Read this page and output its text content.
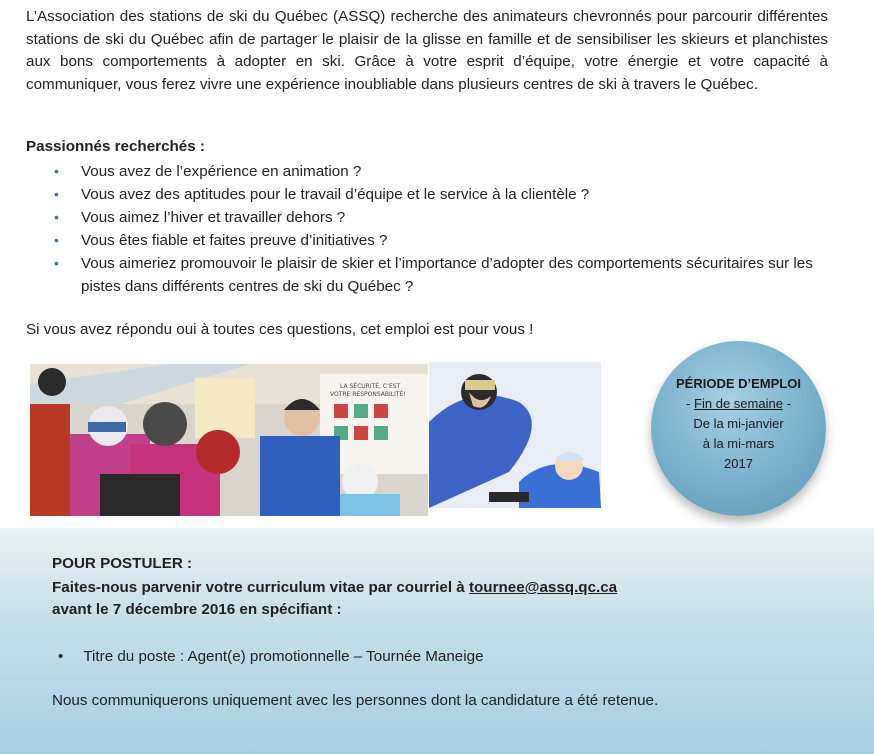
L’Association des stations de ski du Québec (ASSQ) recherche des animateurs chevronnés pour parcourir différentes stations de ski du Québec afin de partager le plaisir de la glisse en famille et de sensibiliser les skieurs et planchistes aux bons comportements à adopter en ski. Grâce à votre esprit d’équipe, votre énergie et votre capacité à communiquer, vous ferez vivre une expérience inoubliable dans plusieurs centres de ski à travers le Québec.

Passionnés recherchés :

• Vous avez de l’expérience en animation ?
• Vous avez des aptitudes pour le travail d’équipe et le service à la clientèle ?
• Vous aimez l’hiver et travailler dehors ?
• Vous êtes fiable et faites preuve d’initiatives ?
• Vous aimeriez promouvoir le plaisir de skier et l’importance d’adopter des comportements sécuritaires sur les pistes dans différents centres de ski du Québec ?

Si vous avez répondu oui à toutes ces questions, cet emploi est pour vous !

LA SÉCURITÉ, C’EST
VOTRE RESPONSABILITÉ!
PÉRIODE D’EMPLOI
- Fin de semaine -
De la mi-janvier
à la mi-mars
2017

POUR POSTULER :

Faites-nous parvenir votre curriculum vitae par courriel à tournee@assq.qc.ca

avant le 7 décembre 2016 en spécifiant :

• Titre du poste : Agent(e) promotionnelle – Tournée Maneige

Nous communiquerons uniquement avec les personnes dont la candidature a été retenue.
